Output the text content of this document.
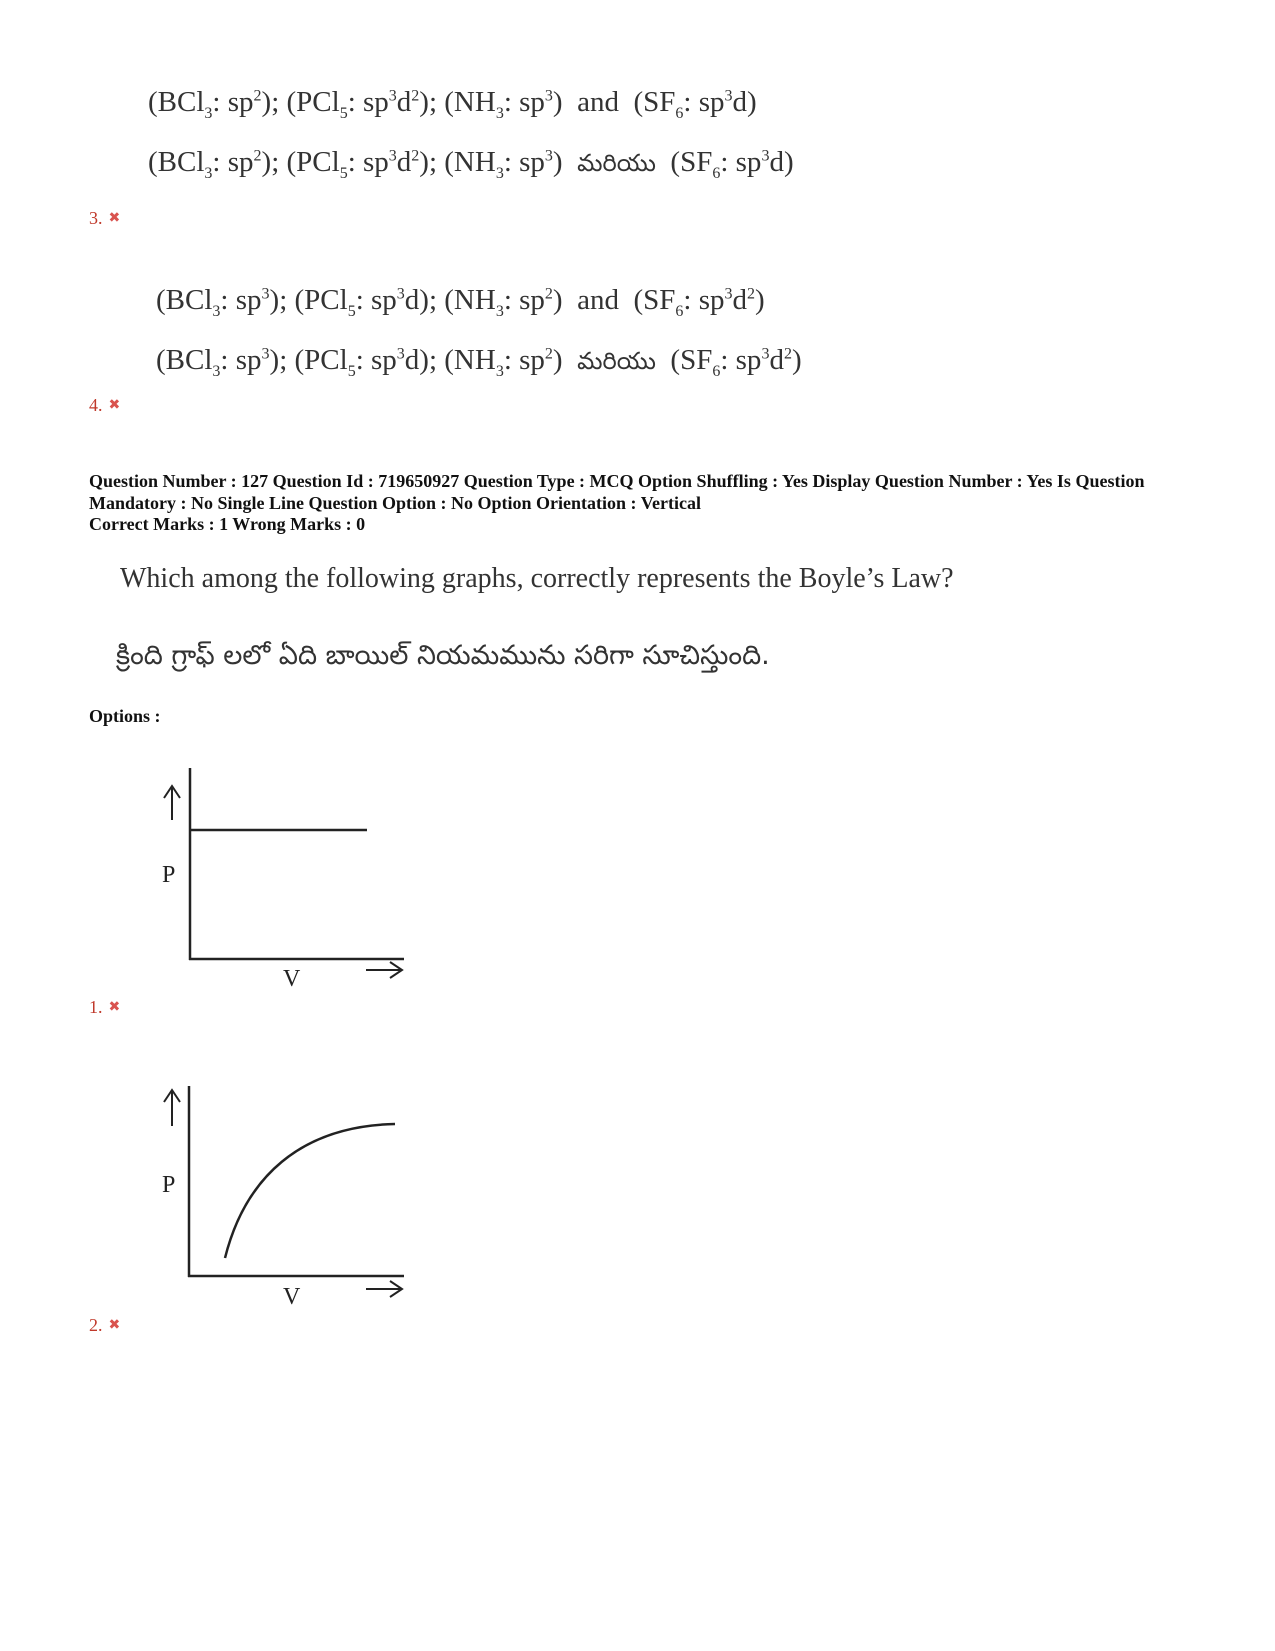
(BCl$_3$: $sp^2$); (PCl$_5$: $sp^3d^2$); ($NH_3$: $sp^3$)  and  ($SF_6$: $sp^3d$)
(BCl$_3$: $sp^2$); (PCl$_5$: $sp^3d^2$); ($NH_3$: $sp^3$)  మరియు  ($SF_6$: $sp^3d$)
3. ✖
(BCl$_3$: $sp^3$); (PCl$_5$: $sp^3d$); ($NH_3$: $sp^2$)  and  ($SF_6$: $sp^3d^2$)
(BCl$_3$: $sp^3$); (PCl$_5$: $sp^3d$); ($NH_3$: $sp^2$)  మరియు  ($SF_6$: $sp^3d^2$)
4. ✖
Question Number : 127 Question Id : 719650927 Question Type : MCQ Option Shuffling : Yes Display Question Number : Yes Is Question
Mandatory : No Single Line Question Option : No Option Orientation : Vertical
Correct Marks : 1 Wrong Marks : 0
Which among the following graphs, correctly represents the Boyle’s Law?
క్రింది గ్రాఫ్ లలో ఏది బాయిల్ నియమమును సరిగా సూచిస్తుంది.
Options :
P
V
1. ✖
P
V
2. ✖
